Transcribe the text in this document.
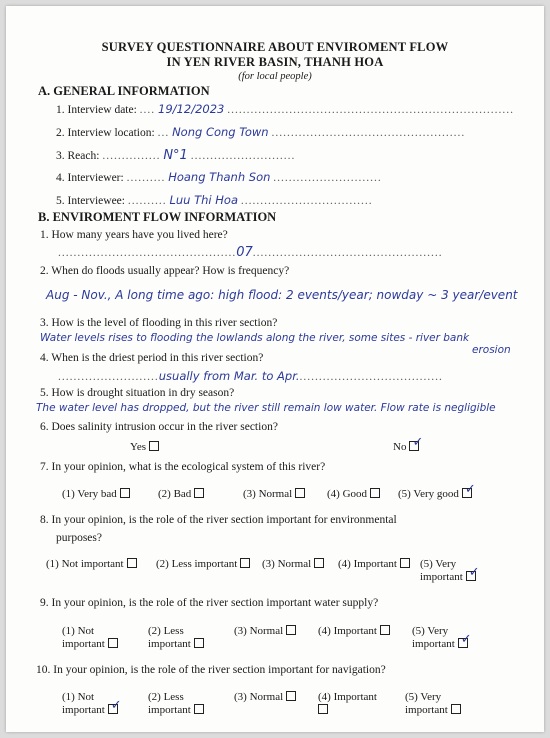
SURVEY QUESTIONNAIRE ABOUT ENVIROMENT FLOW
IN YEN RIVER BASIN, THANH HOA
(for local people)
A. GENERAL INFORMATION
1. Interview date: .... 19/12/2023 ..........................................................................
2. Interview location: ... Nong Cong Town ..................................................
3. Reach: ............... N°1 ...........................
4. Interviewer: .......... Hoang Thanh Son ............................
5. Interviewee: .......... Luu Thi Hoa ..................................
B. ENVIROMENT FLOW INFORMATION
1. How many years have you lived here?
..............................................07.................................................
2. When do floods usually appear? How is frequency?
Aug - Nov., A long time ago: high flood: 2 events/year; nowday ~ 3 year/event
3. How is the level of flooding in this river section?
Water levels rises to flooding the lowlands along the river, some sites - river bank
erosion
4. When is the driest period in this river section?
..........................usually from Mar. to Apr......................................
5. How is drought situation in dry season?
The water level has dropped, but the river still remain low water. Flow rate is negligible
6. Does salinity intrusion occur in the river section?
Yes	No ✓
7. In your opinion, what is the ecological system of this river?
(1) Very bad	(2) Bad	(3) Normal	(4) Good	(5) Very good ✓
8. In your opinion, is the role of the river section important for environmental
purposes?
(1) Not important	(2) Less important	(3) Normal	(4) Important	(5) Very
important ✓
9. In your opinion, is the role of the river section important water supply?
(1) Not
important
(2) Less
important
(3) Normal	(4) Important	(5) Very
important ✓
10. In your opinion, is the role of the river section important for navigation?
(1) Not
important ✓
(2) Less
important
(3) Normal	(4) Important	(5) Very
important
